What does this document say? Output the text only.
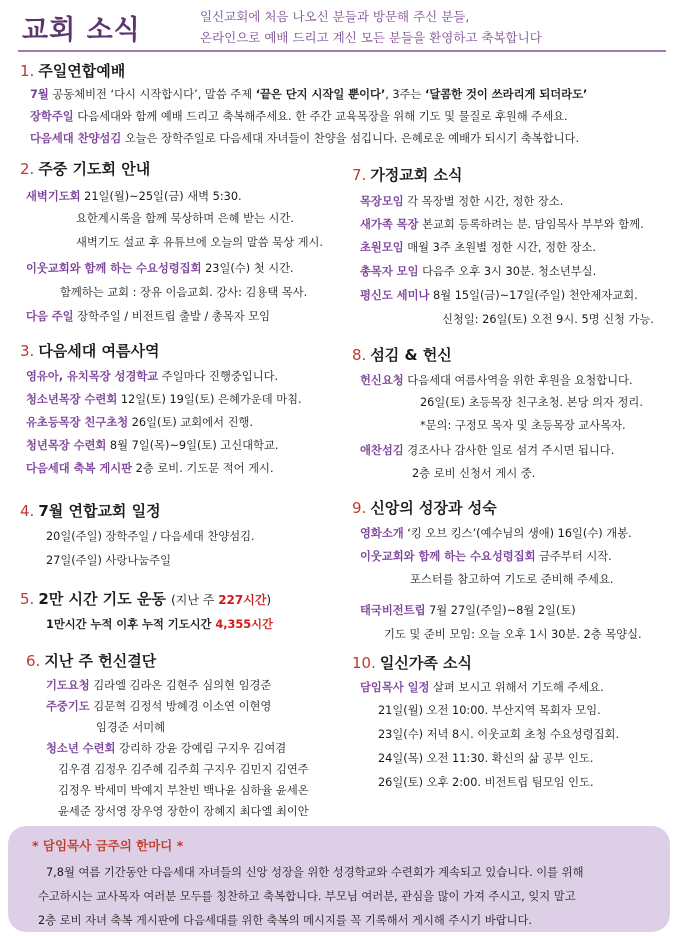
교회 소식	일신교회에 처음 나오신 분들과 방문해 주신 분들,
온라인으로 예배 드리고 계신 모든 분들을 환영하고 축복합니다
1. 주일연합예배
7월 공동체비전 ‘다시 시작합시다’, 말씀 주제 ‘끝은 단지 시작일 뿐이다’, 3주는 ‘달콤한 것이 쓰라리게 되더라도’
장학주일 다음세대와 함께 예배 드리고 축복해주세요. 한 주간 교육목장을 위해 기도 및 물질로 후원해 주세요.
다음세대 찬양섬김 오늘은 장학주일로 다음세대 자녀들이 찬양을 섬깁니다. 은혜로운 예배가 되시기 축복합니다.
2. 주중 기도회 안내
새벽기도회 21일(월)~25일(금) 새벽 5:30.
요한계시록을 함께 묵상하며 은혜 받는 시간.
새벽기도 설교 후 유튜브에 오늘의 말씀 묵상 게시.
이웃교회와 함께 하는 수요성령집회 23일(수) 첫 시간.
함께하는 교회 : 장유 이음교회. 강사: 김용택 목사.
다음 주일 장학주일 / 비전트립 출발 / 총목자 모임
3. 다음세대 여름사역
영유아, 유치목장 성경학교 주일마다 진행중입니다.
청소년목장 수련회 12일(토) 19일(토) 은혜가운데 마침.
유초등목장 친구초청 26일(토) 교회에서 진행.
청년목장 수련회 8월 7일(목)~9일(토) 고신대학교.
다음세대 축복 게시판 2층 로비. 기도문 적어 게시.
4. 7월 연합교회 일정
20일(주일) 장학주일 / 다음세대 찬양섬김.
27일(주일) 사랑나눔주일
5. 2만 시간 기도 운동 (지난 주 227시간)
1만시간 누적 이후 누적 기도시간 4,355시간
6. 지난 주 헌신결단
기도요청 김라엘 김라온 김현주 심의현 임경준
주중기도 김문혁 김정석 방혜경 이소연 이현영
임경준 서미혜
청소년 수련회 강리하 강윤 강예림 구지우 김여겸
김우겸 김정우 김주혜 김주희 구지우 김민지 김연주
김정우 박세미 박예지 부찬빈 백나윤 심하율 윤세온
윤세준 장서영 장우영 장한이 장혜지 최다엘 최이안
7. 가정교회 소식
목장모임 각 목장별 정한 시간, 정한 장소.
새가족 목장 본교회 등록하려는 분. 담임목사 부부와 함께.
초원모임 매월 3주 초원별 정한 시간, 정한 장소.
총목자 모임 다음주 오후 3시 30분. 청소년부실.
평신도 세미나 8월 15일(금)~17일(주일) 천안제자교회.
신청일: 26일(토) 오전 9시. 5명 신청 가능.
8. 섬김 & 헌신
헌신요청 다음세대 여름사역을 위한 후원을 요청합니다.
26일(토) 초등목장 친구초청. 본당 의자 정리.
*문의: 구정모 목자 및 초등목장 교사목자.
애찬섬김 경조사나 감사한 일로 섬겨 주시면 됩니다.
2층 로비 신청서 게시 중.
9. 신앙의 성장과 성숙
영화소개 ‘킹 오브 킹스’(예수님의 생애) 16일(수) 개봉.
이웃교회와 함께 하는 수요성령집회 금주부터 시작.
포스터를 참고하여 기도로 준비해 주세요.
태국비전트립 7월 27일(주일)~8월 2일(토)
기도 및 준비 모임: 오늘 오후 1시 30분. 2층 목양실.
10. 일신가족 소식
담임목사 일정 살펴 보시고 위해서 기도해 주세요.
21일(월) 오전 10:00. 부산지역 목회자 모임.
23일(수) 저녁 8시. 이웃교회 초청 수요성령집회.
24일(목) 오전 11:30. 확신의 삶 공부 인도.
26일(토) 오후 2:00. 비전트립 팀모임 인도.
* 담임목사 금주의 한마디 *
7,8월 여름 기간동안 다음세대 자녀들의 신앙 성장을 위한 성경학교와 수련회가 계속되고 있습니다. 이를 위해
수고하시는 교사목자 여러분 모두를 칭찬하고 축복합니다. 부모님 여러분, 관심을 많이 가져 주시고, 잊지 말고
2층 로비 자녀 축복 게시판에 다음세대를 위한 축복의 메시지를 꼭 기록해서 게시해 주시기 바랍니다.
